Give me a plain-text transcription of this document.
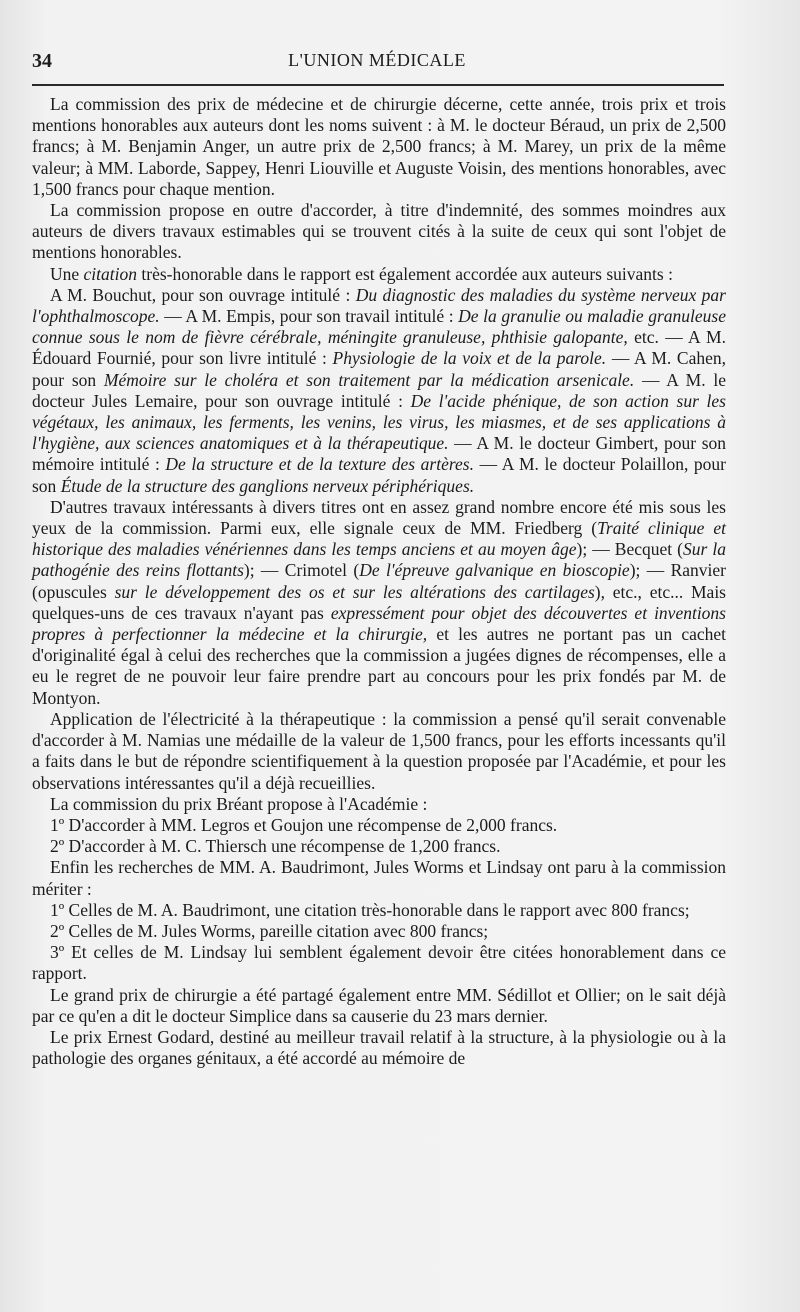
34	L'UNION MÉDICALE

La commission des prix de médecine et de chirurgie décerne, cette année, trois prix et trois mentions honorables aux auteurs dont les noms suivent : à M. le docteur Béraud, un prix de 2,500 francs; à M. Benjamin Anger, un autre prix de 2,500 francs; à M. Marey, un prix de la même valeur; à MM. Laborde, Sappey, Henri Liouville et Auguste Voisin, des mentions honorables, avec 1,500 francs pour chaque mention.

La commission propose en outre d'accorder, à titre d'indemnité, des sommes moindres aux auteurs de divers travaux estimables qui se trouvent cités à la suite de ceux qui sont l'objet de mentions honorables.

Une citation très-honorable dans le rapport est également accordée aux auteurs suivants :

A M. Bouchut, pour son ouvrage intitulé : Du diagnostic des maladies du système nerveux par l'ophthalmoscope. — A M. Empis, pour son travail intitulé : De la granulie ou maladie granuleuse connue sous le nom de fièvre cérébrale, méningite granuleuse, phthisie galopante, etc. — A M. Édouard Fournié, pour son livre intitulé : Physiologie de la voix et de la parole. — A M. Cahen, pour son Mémoire sur le choléra et son traitement par la médication arsenicale. — A M. le docteur Jules Lemaire, pour son ouvrage intitulé : De l'acide phénique, de son action sur les végétaux, les animaux, les ferments, les venins, les virus, les miasmes, et de ses applications à l'hygiène, aux sciences anatomiques et à la thérapeutique. — A M. le docteur Gimbert, pour son mémoire intitulé : De la structure et de la texture des artères. — A M. le docteur Polaillon, pour son Étude de la structure des ganglions nerveux périphériques.

D'autres travaux intéressants à divers titres ont en assez grand nombre encore été mis sous les yeux de la commission. Parmi eux, elle signale ceux de MM. Friedberg (Traité clinique et historique des maladies vénériennes dans les temps anciens et au moyen âge); — Becquet (Sur la pathogénie des reins flottants); — Crimotel (De l'épreuve galvanique en bioscopie); — Ranvier (opuscules sur le développement des os et sur les altérations des cartilages), etc., etc... Mais quelques-uns de ces travaux n'ayant pas expressément pour objet des découvertes et inventions propres à perfectionner la médecine et la chirurgie, et les autres ne portant pas un cachet d'originalité égal à celui des recherches que la commission a jugées dignes de récompenses, elle a eu le regret de ne pouvoir leur faire prendre part au concours pour les prix fondés par M. de Montyon.

Application de l'électricité à la thérapeutique : la commission a pensé qu'il serait convenable d'accorder à M. Namias une médaille de la valeur de 1,500 francs, pour les efforts incessants qu'il a faits dans le but de répondre scientifiquement à la question proposée par l'Académie, et pour les observations intéressantes qu'il a déjà recueillies.

La commission du prix Bréant propose à l'Académie :

1º D'accorder à MM. Legros et Goujon une récompense de 2,000 francs.

2º D'accorder à M. C. Thiersch une récompense de 1,200 francs.

Enfin les recherches de MM. A. Baudrimont, Jules Worms et Lindsay ont paru à la commission mériter :

1º Celles de M. A. Baudrimont, une citation très-honorable dans le rapport avec 800 francs;

2º Celles de M. Jules Worms, pareille citation avec 800 francs;

3º Et celles de M. Lindsay lui semblent également devoir être citées honorablement dans ce rapport.

Le grand prix de chirurgie a été partagé également entre MM. Sédillot et Ollier; on le sait déjà par ce qu'en a dit le docteur Simplice dans sa causerie du 23 mars dernier.

Le prix Ernest Godard, destiné au meilleur travail relatif à la structure, à la physiologie ou à la pathologie des organes génitaux, a été accordé au mémoire de
